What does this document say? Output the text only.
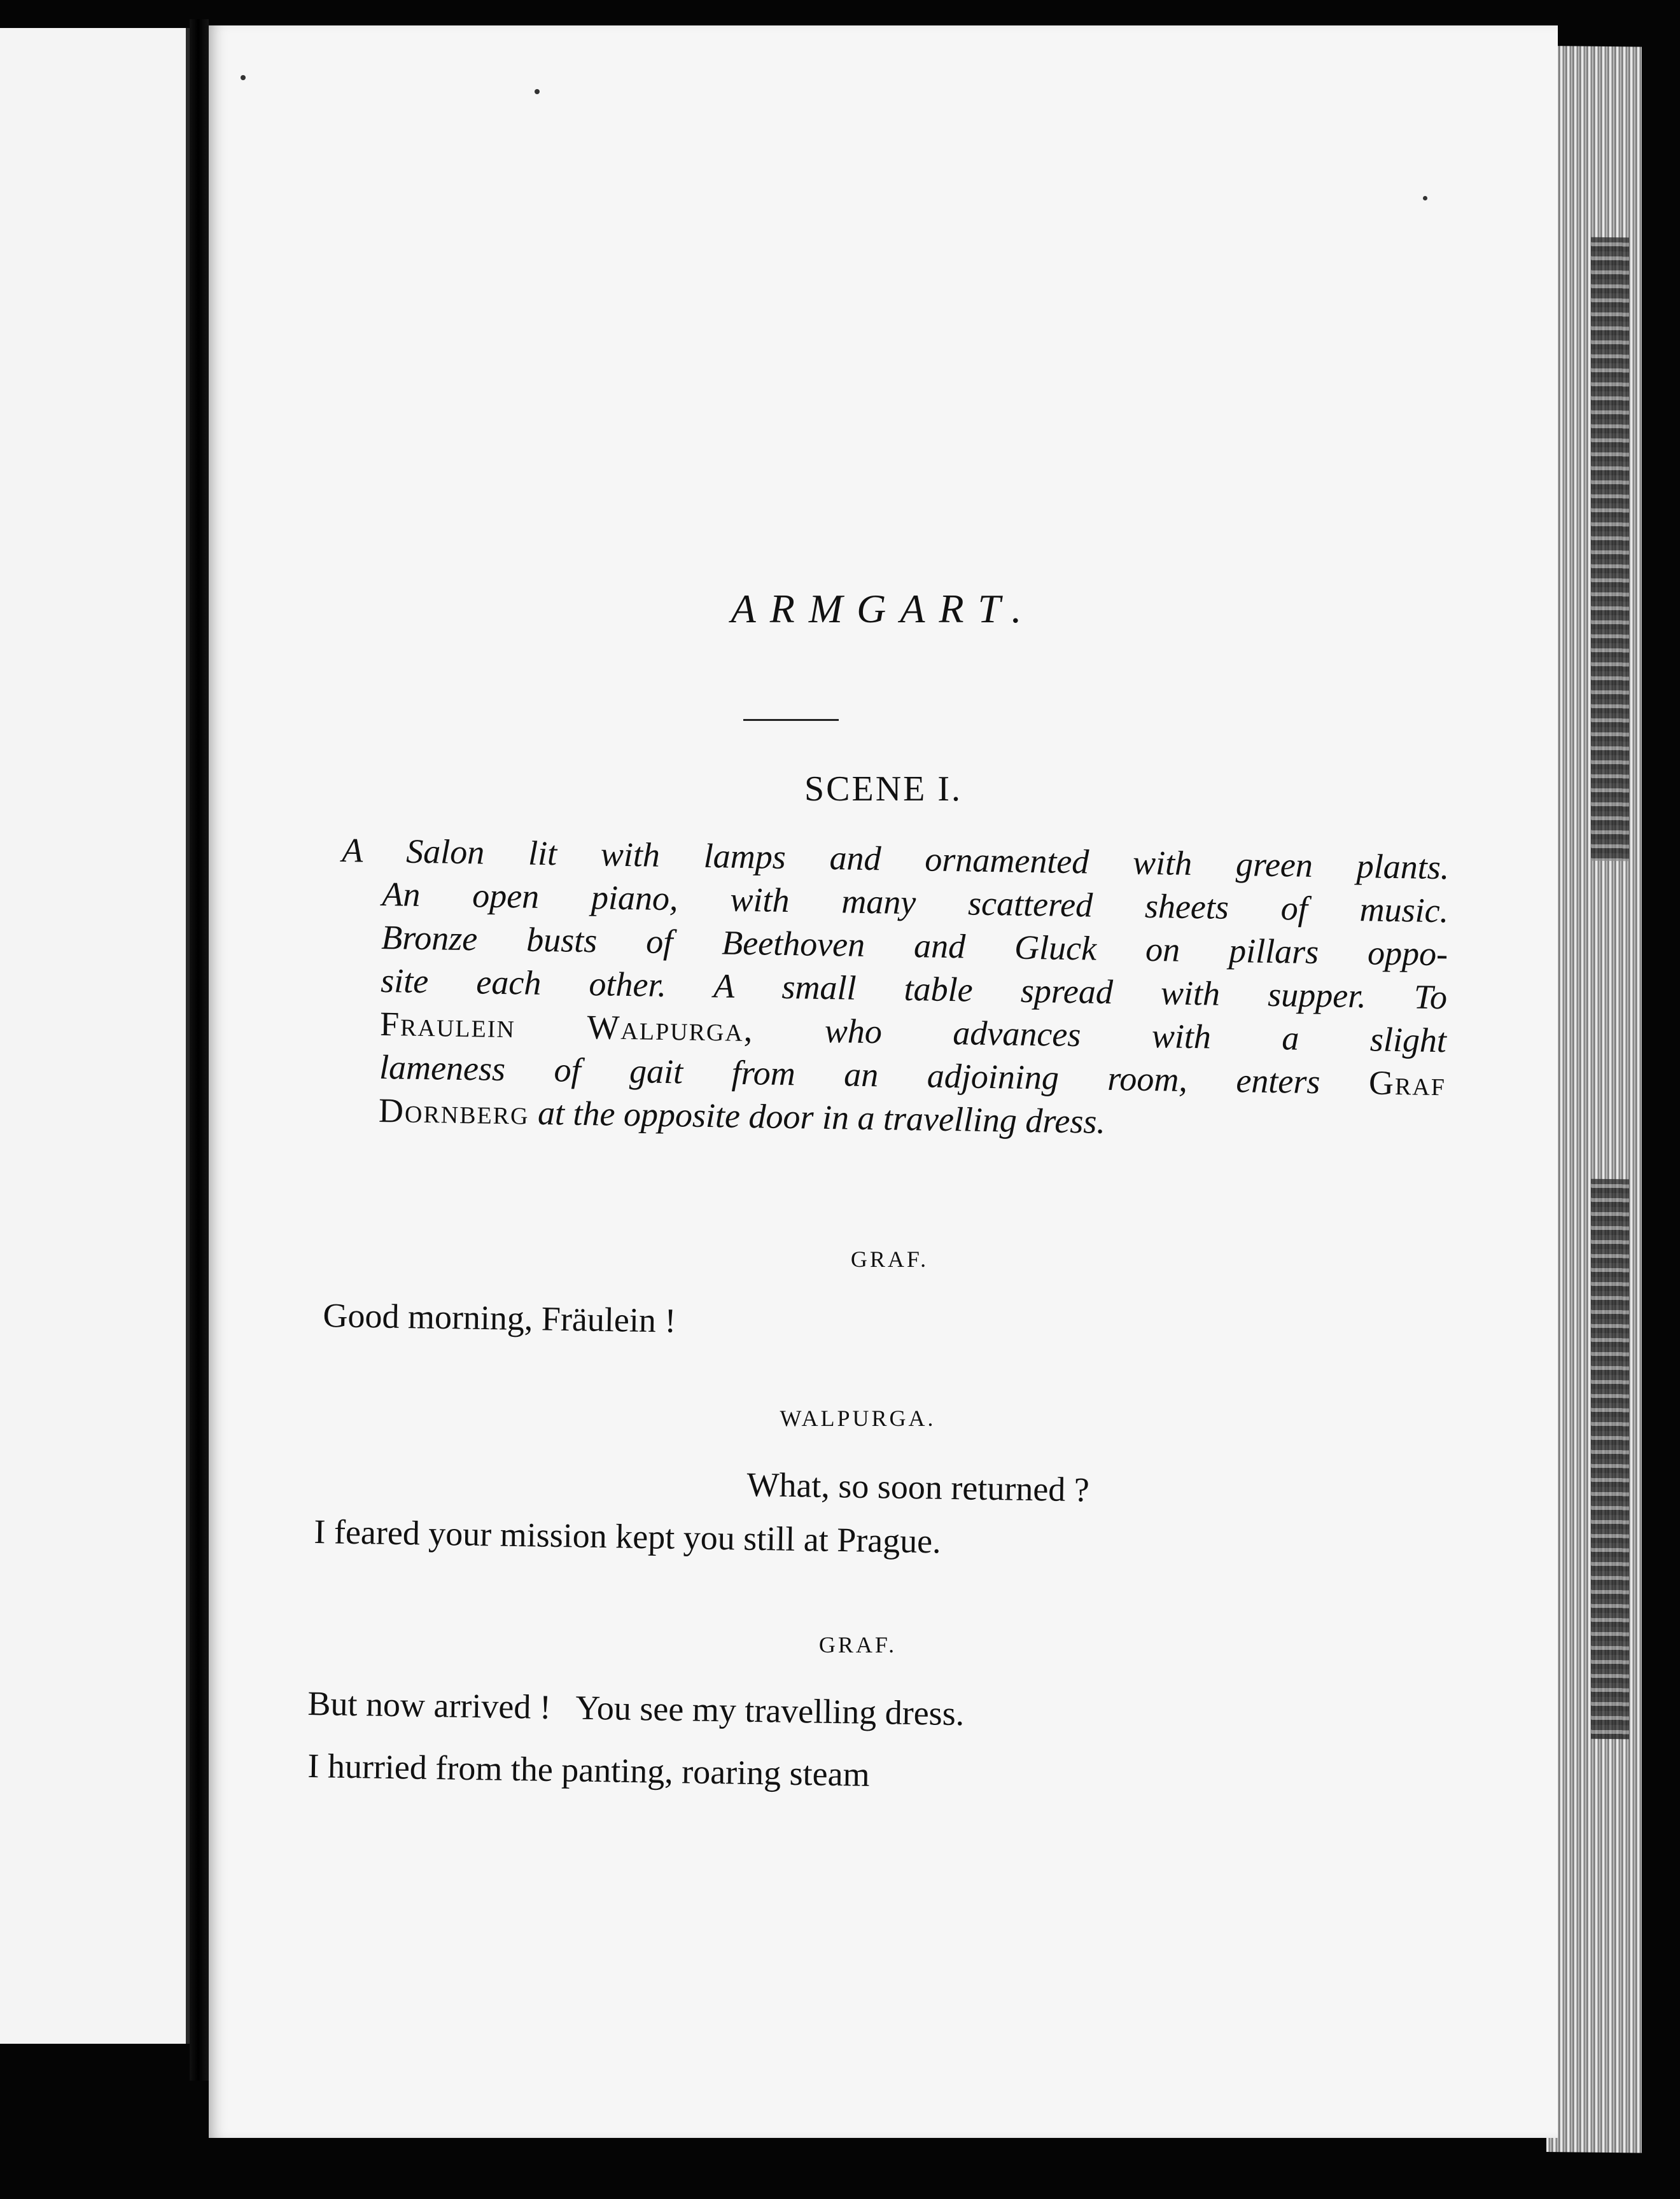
ARMGART.
SCENE I.
A Salon lit with lamps and ornamented with green plants.
An open piano, with many scattered sheets of music.
Bronze busts of Beethoven and Gluck on pillars oppo-
site each other. A small table spread with supper. To
Fraulein Walpurga, who advances with a slight
lameness of gait from an adjoining room, enters Graf
Dornberg at the opposite door in a travelling dress.
GRAF.
Good morning, Fräulein !
WALPURGA.
What, so soon returned ?
I feared your mission kept you still at Prague.
GRAF.
But now arrived !   You see my travelling dress.
I hurried from the panting, roaring steam
